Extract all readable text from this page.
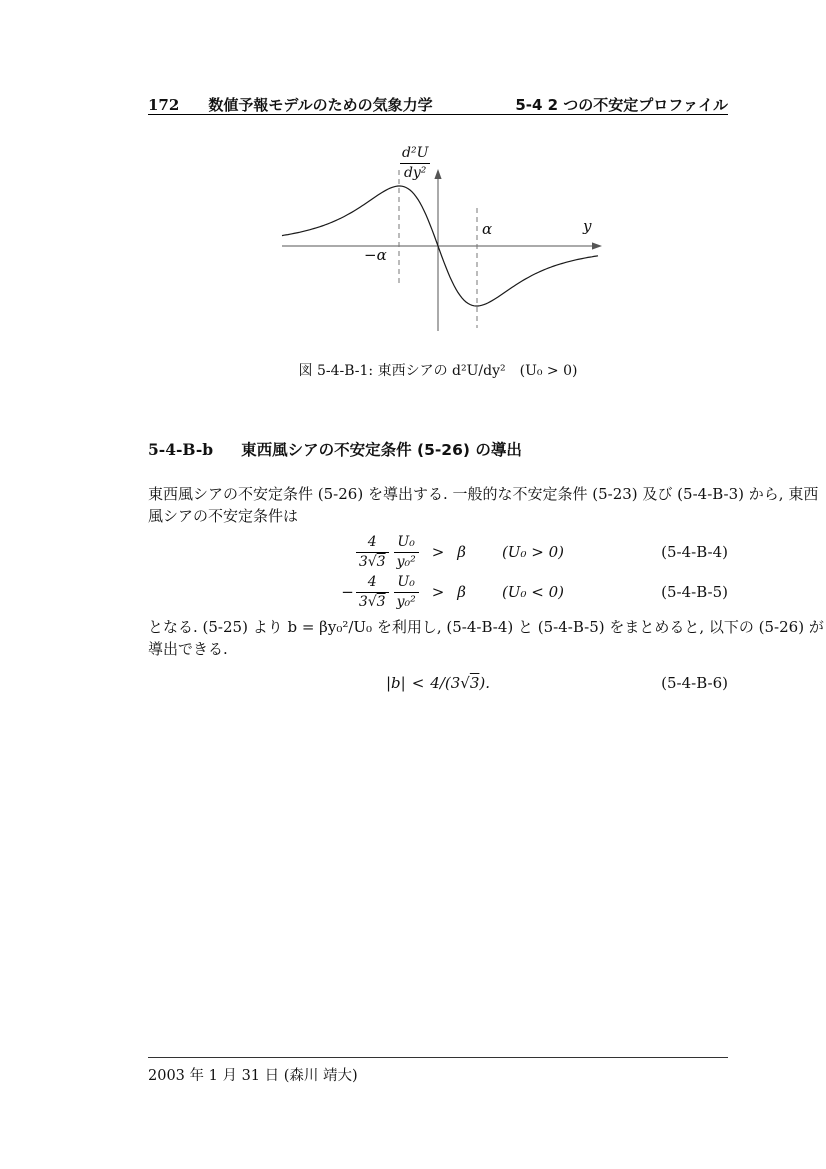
172 数値予報モデルのための気象力学	5-4 2 つの不安定プロファイル
$\frac{\text{d²U}}{\text{dy²}}$
y
α
−α
図 5-4-B-1: 東西シアの d²U/dy²　(U₀ > 0)
5-4-B-b 東西風シアの不安定条件 (5-26) の導出
東西風シアの不安定条件 (5-26) を導出する. 一般的な不安定条件 (5-23) 及び (5-4-B-3) から, 東西
風シアの不安定条件は
$\frac{4}{3√3} \frac{\text{U₀}}{\text{y₀²}} > \beta$ (U₀ > 0)	(5-4-B-4)
− $\frac{4}{3√3} \frac{\text{U₀}}{\text{y₀²}} > \beta$ (U₀ < 0)	(5-4-B-5)
となる. (5-25) より b = βy₀²/U₀ を利用し, (5-4-B-4) と (5-4-B-5) をまとめると, 以下の (5-26) が
導出できる.
|b| < 4/(3√3).	(5-4-B-6)
2003 年 1 月 31 日 (森川 靖大)
